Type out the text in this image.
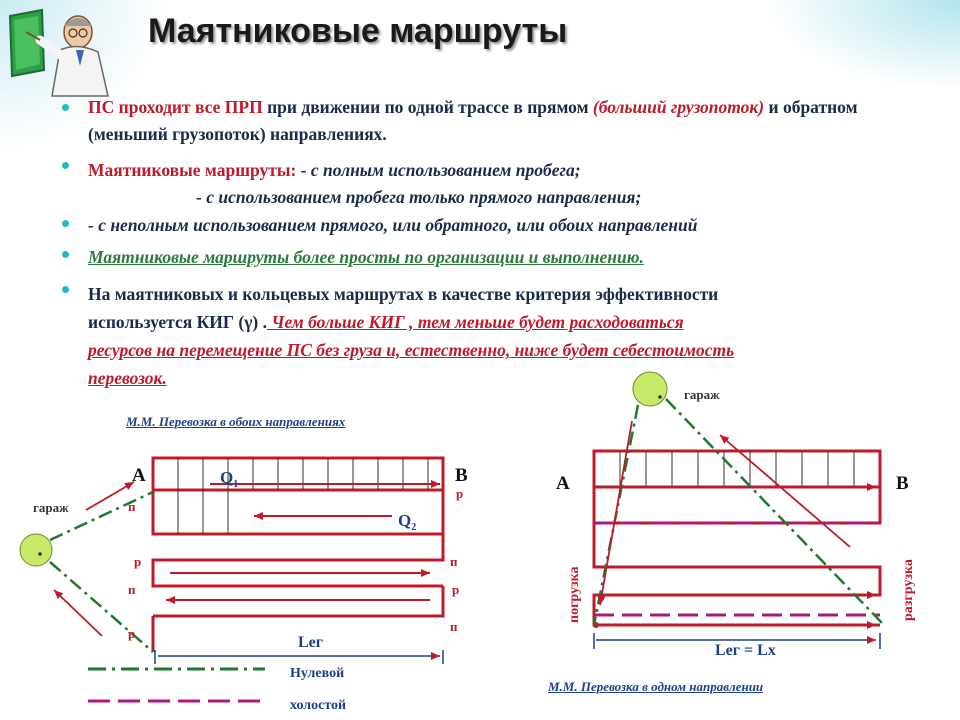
Маятниковые маршруты
ПС проходит все ПРП при движении по одной трассе в прямом (больший грузопоток) и обратном (меньший грузопоток) направлениях.
Маятниковые маршруты: - с полным использованием пробега;
- с использованием пробега только прямого направления;
- с неполным использованием прямого, или обратного, или обоих направлений
Маятниковые маршруты более просты по организации и выполнению.
На маятниковых и кольцевых маршрутах в качестве критерия эффективности
используется КИГ (γ) . Чем больше КИГ , тем меньше будет расходоваться
ресурсов на перемещение ПС без груза и, естественно, ниже будет себестоимость
перевозок.
М.М. Перевозка в обоих направлениях
М.М. Перевозка в одном направлении
А	В
гараж
$Q_1$
$Q_2$
р
п
р	п
п	р
р	п
Lег
Нулевой
холостой
А	В
гараж
погрузка	разгрузка
Lег = Lх
